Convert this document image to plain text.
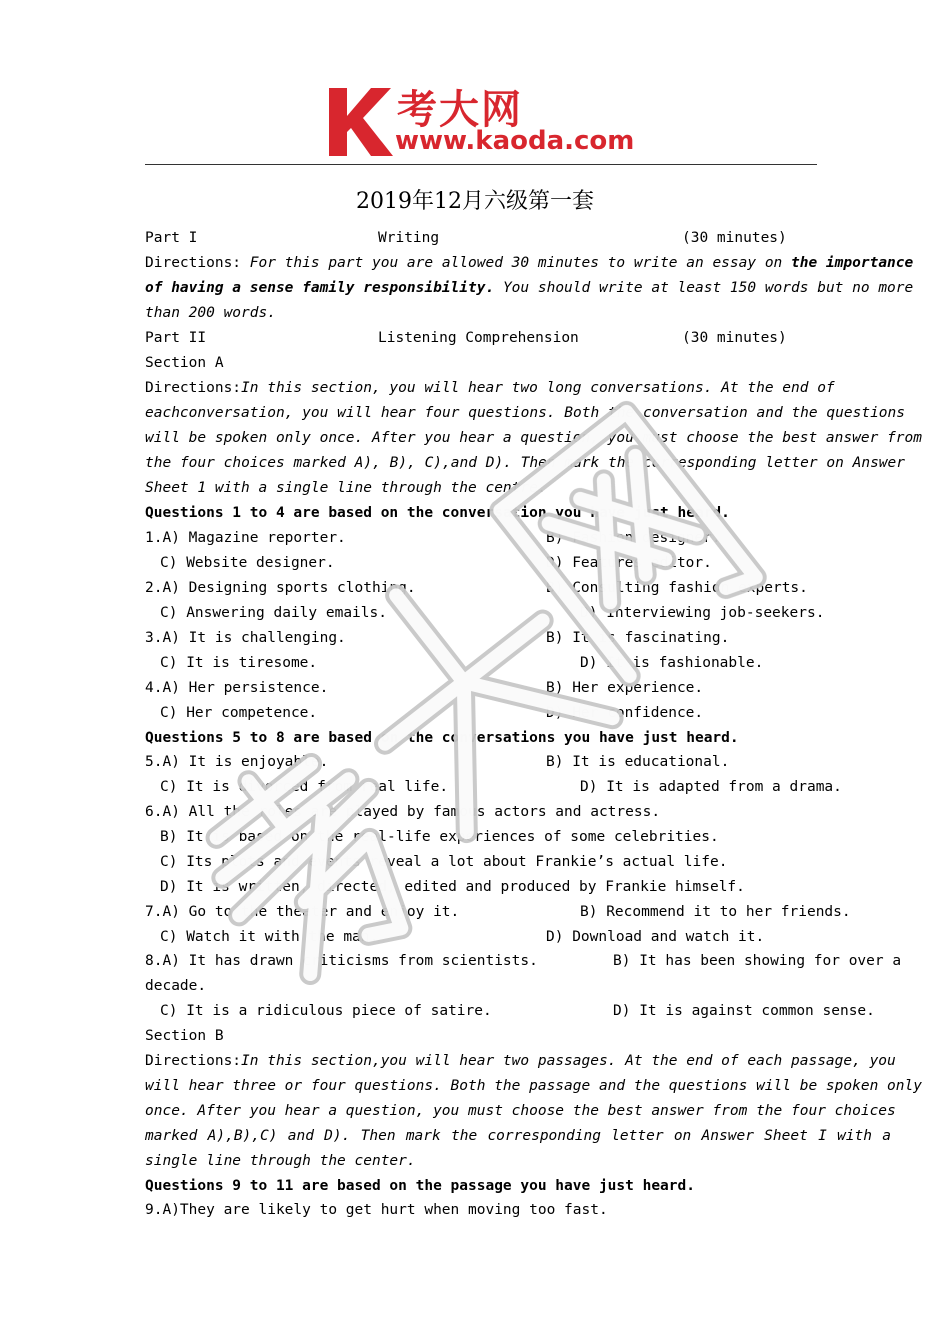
考大网
www.kaoda.com
2019年12月六级第一套
Part I	Writing	(30 minutes)
Directions: For this part you are allowed 30 minutes to write an essay on the importance
of having a sense family responsibility. You should write at least 150 words but no more
than 200 words.
Part II	Listening Comprehension	(30 minutes)
Section A
Directions:In this section, you will hear two long conversations. At the end of
eachconversation, you will hear four questions. Both the conversation and the questions
will be spoken only once. After you hear a question, you must choose the best answer from
the four choices marked A), B), C),and D). Then mark the corresponding letter on Answer
Sheet 1 with a single line through the centre.
Questions 1 to 4 are based on the conversation you have just heard.
1.A) Magazine reporter.	B) Fashion designer.
C) Website designer.	D) Features editor.
2.A) Designing sports clothing.	B) Consulting fashion experts.
C) Answering daily emails.	D) Interviewing job-seekers.
3.A) It is challenging.	B) It is fascinating.
C) It is tiresome.	D) It is fashionable.
4.A) Her persistence.	B) Her experience.
C) Her competence.	D) Her confidence.
Questions 5 to 8 are based on the conversations you have just heard.
5.A) It is enjoyable.	B) It is educational.
C) It is divorced from real life.	D) It is adapted from a drama.
6.A) All the roles are played by famous actors and actress.
B) It is based on the real-life experiences of some celebrities.
C) Its plots and events reveal a lot about Frankie’s actual life.
D) It is written, directed, edited and produced by Frankie himself.
7.A) Go to the theater and enjoy it.	B) Recommend it to her friends.
C) Watch it with the man.	D) Download and watch it.
8.A) It has drawn criticisms from scientists.	B) It has been showing for over a
decade.
C) It is a ridiculous piece of satire.	D) It is against common sense.
Section B
Directions:In this section,you will hear two passages. At the end of each passage, you
will hear three or four questions. Both the passage and the questions will be spoken only
once. After you hear a question, you must choose the best answer from the four choices
marked A),B),C) and D). Then mark the corresponding letter on Answer Sheet I with a
single line through the center.
Questions 9 to 11 are based on the passage you have just heard.
9.A)They are likely to get hurt when moving too fast.
